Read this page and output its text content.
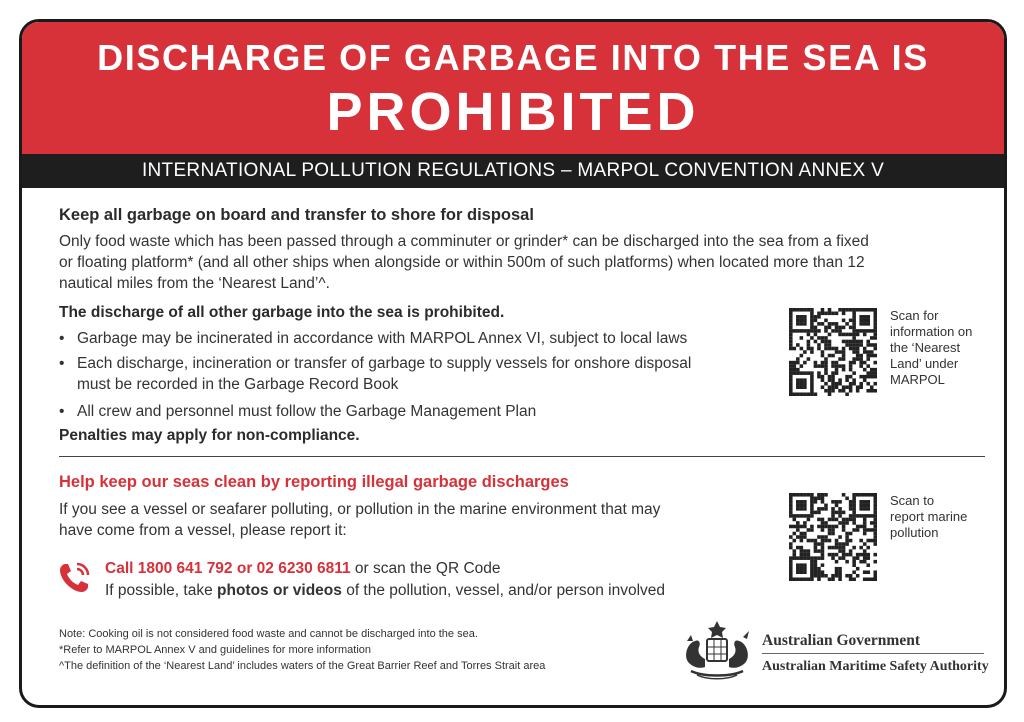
DISCHARGE OF GARBAGE INTO THE SEA IS
PROHIBITED
INTERNATIONAL POLLUTION REGULATIONS – MARPOL CONVENTION ANNEX V
Keep all garbage on board and transfer to shore for disposal
Only food waste which has been passed through a comminuter or grinder* can be discharged into the sea from a fixed
or floating platform* (and all other ships when alongside or within 500m of such platforms) when located more than 12
nautical miles from the ‘Nearest Land’^.
The discharge of all other garbage into the sea is prohibited.
• Garbage may be incinerated in accordance with MARPOL Annex VI, subject to local laws
• Each discharge, incineration or transfer of garbage to supply vessels for onshore disposal
must be recorded in the Garbage Record Book
• All crew and personnel must follow the Garbage Management Plan
Penalties may apply for non-compliance.
Scan for
information on
the ‘Nearest
Land’ under
MARPOL
Help keep our seas clean by reporting illegal garbage discharges
If you see a vessel or seafarer polluting, or pollution in the marine environment that may
have come from a vessel, please report it:
Call 1800 641 792 or 02 6230 6811 or scan the QR Code
If possible, take photos or videos of the pollution, vessel, and/or person involved
Scan to
report marine
pollution
Note: Cooking oil is not considered food waste and cannot be discharged into the sea.
*Refer to MARPOL Annex V and guidelines for more information
^The definition of the ‘Nearest Land’ includes waters of the Great Barrier Reef and Torres Strait area
Australian Government
Australian Maritime Safety Authority
